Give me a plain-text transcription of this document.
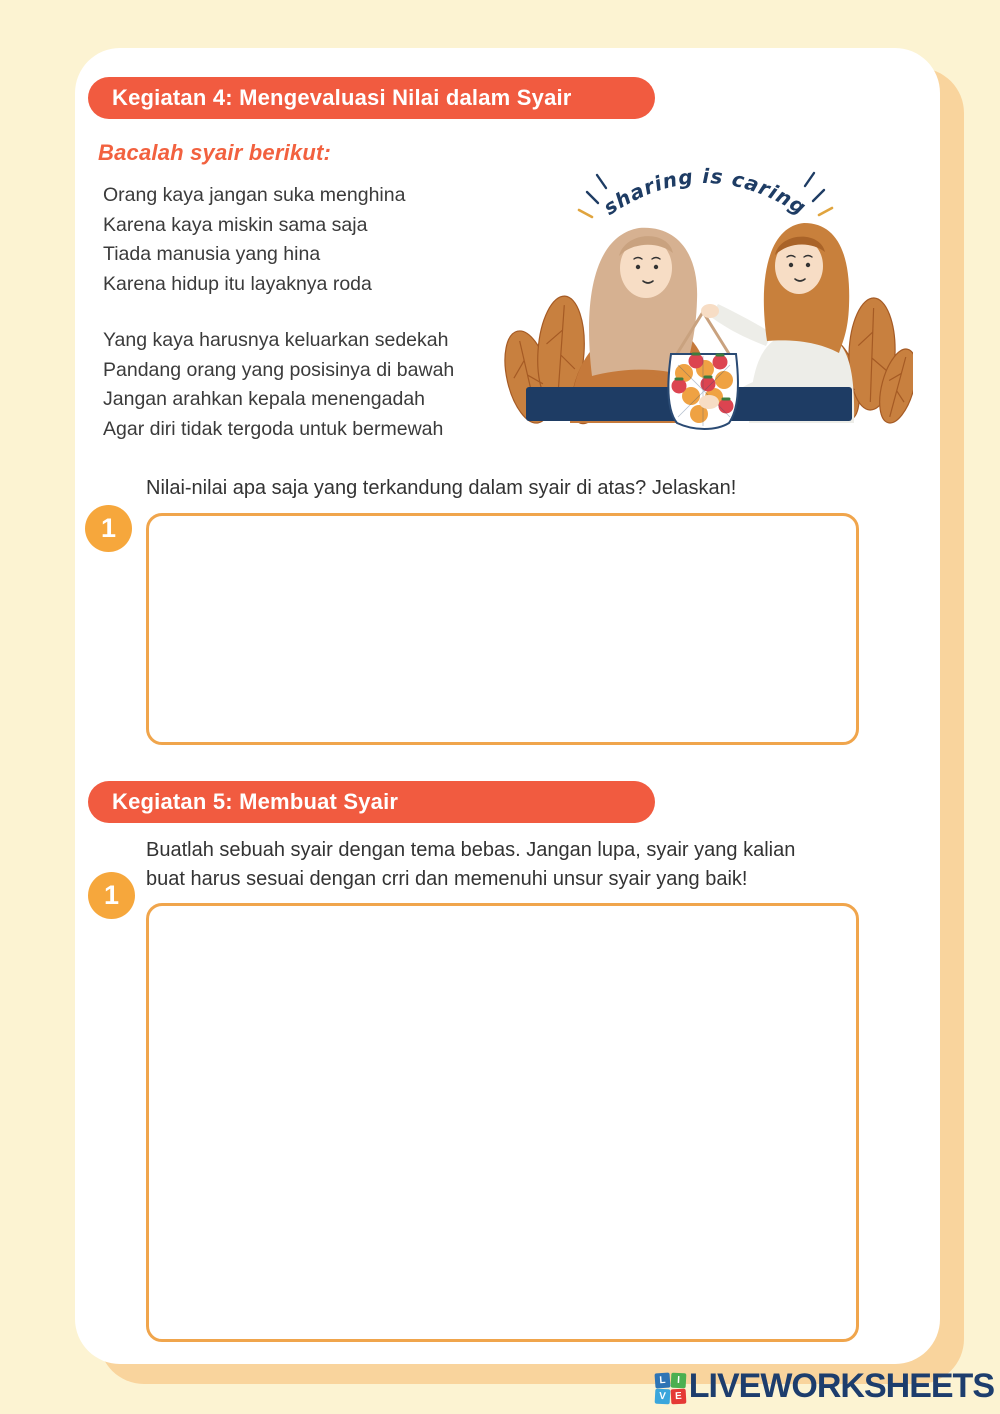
Kegiatan 4: Mengevaluasi Nilai dalam Syair
Bacalah syair berikut:
Orang kaya jangan suka menghina
Karena kaya miskin sama saja
Tiada manusia yang hina
Karena hidup itu layaknya roda
Yang kaya harusnya keluarkan sedekah
Pandang orang yang posisinya di bawah
Jangan arahkan kepala menengadah
Agar diri tidak tergoda untuk bermewah
sharing is caring
Nilai-nilai apa saja yang terkandung dalam syair di atas? Jelaskan!
1
Kegiatan 5: Membuat Syair
Buatlah sebuah syair dengan tema bebas. Jangan lupa, syair yang kalian buat harus sesuai dengan crri dan memenuhi unsur syair yang baik!
1
L	I
V E LIVEWORKSHEETS
